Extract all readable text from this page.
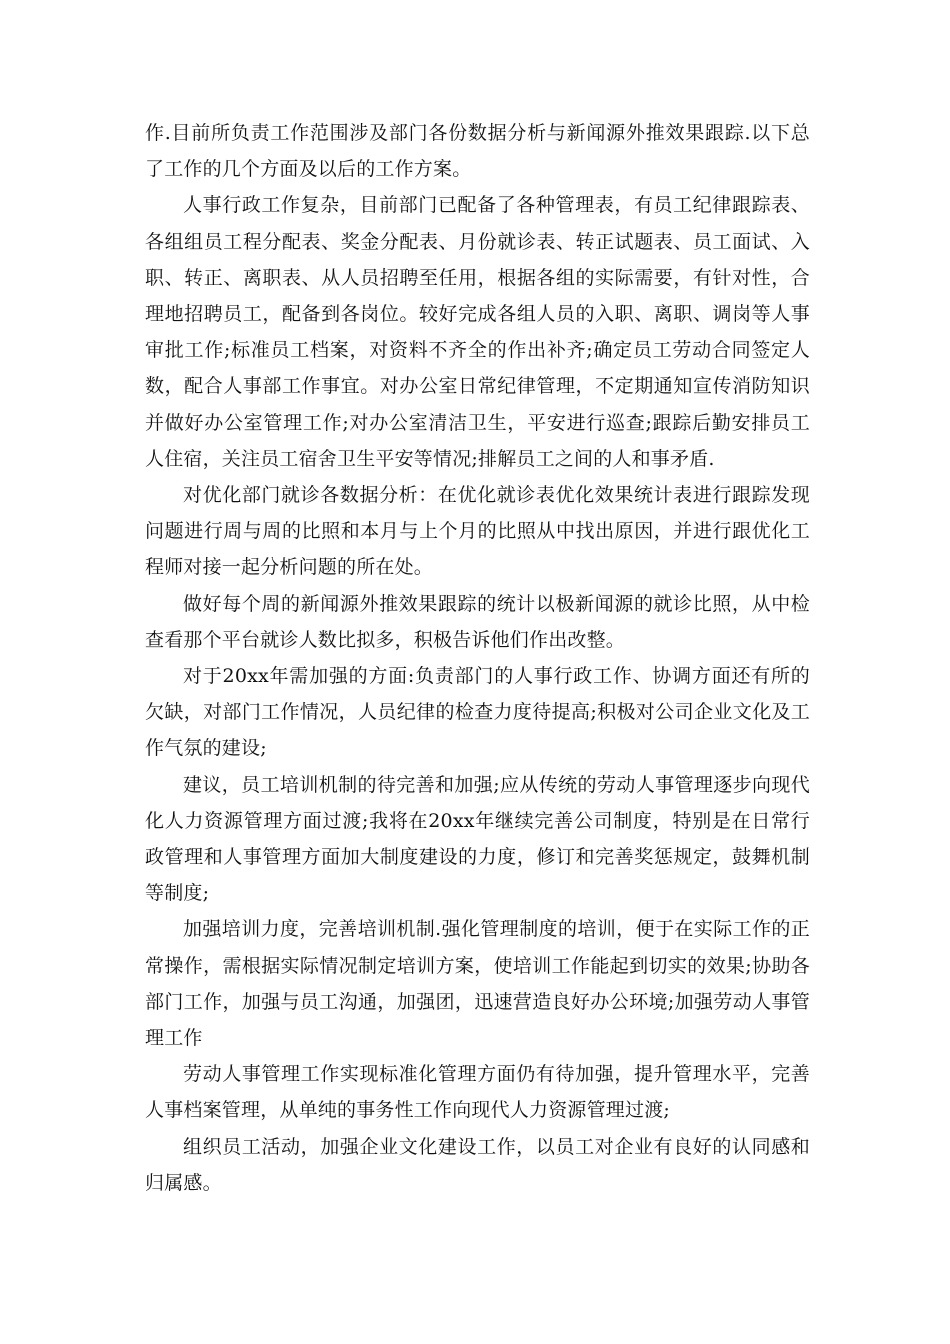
作.目前所负责工作范围涉及部门各份数据分析与新闻源外推效果跟踪.以下总了工作的几个方面及以后的工作方案。

人事行政工作复杂，目前部门已配备了各种管理表，有员工纪律跟踪表、各组组员工程分配表、奖金分配表、月份就诊表、转正试题表、员工面试、入职、转正、离职表、从人员招聘至任用，根据各组的实际需要，有针对性，合理地招聘员工，配备到各岗位。较好完成各组人员的入职、离职、调岗等人事审批工作;标准员工档案，对资料不齐全的作出补齐;确定员工劳动合同签定人数，配合人事部工作事宜。对办公室日常纪律管理，不定期通知宣传消防知识并做好办公室管理工作;对办公室清洁卫生，平安进行巡查;跟踪后勤安排员工人住宿，关注员工宿舍卫生平安等情况;排解员工之间的人和事矛盾.

对优化部门就诊各数据分析：在优化就诊表优化效果统计表进行跟踪发现问题进行周与周的比照和本月与上个月的比照从中找出原因，并进行跟优化工程师对接一起分析问题的所在处。

做好每个周的新闻源外推效果跟踪的统计以极新闻源的就诊比照，从中检查看那个平台就诊人数比拟多，积极告诉他们作出改整。

对于20xx年需加强的方面:负责部门的人事行政工作、协调方面还有所的欠缺，对部门工作情况，人员纪律的检查力度待提高;积极对公司企业文化及工作气氛的建设;

建议，员工培训机制的待完善和加强;应从传统的劳动人事管理逐步向现代化人力资源管理方面过渡;我将在20xx年继续完善公司制度，特别是在日常行政管理和人事管理方面加大制度建设的力度，修订和完善奖惩规定，鼓舞机制等制度;

加强培训力度，完善培训机制.强化管理制度的培训，便于在实际工作的正常操作，需根据实际情况制定培训方案，使培训工作能起到切实的效果;协助各部门工作，加强与员工沟通，加强团，迅速营造良好办公环境;加强劳动人事管理工作

劳动人事管理工作实现标准化管理方面仍有待加强，提升管理水平，完善人事档案管理，从单纯的事务性工作向现代人力资源管理过渡;

组织员工活动，加强企业文化建设工作，以员工对企业有良好的认同感和归属感。
